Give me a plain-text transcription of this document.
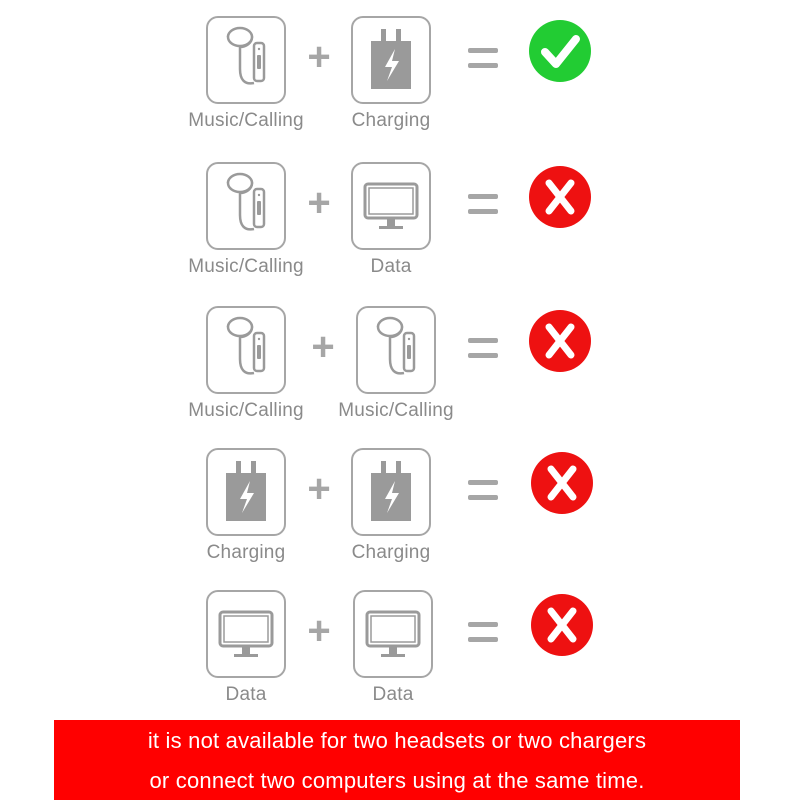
Music/Calling
+
Charging
Music/Calling
+
Data
Music/Calling
+
Music/Calling
Charging
+
Charging
Data
+
Data
it is not available for two headsets or two chargers
or connect two computers using at the same time.
